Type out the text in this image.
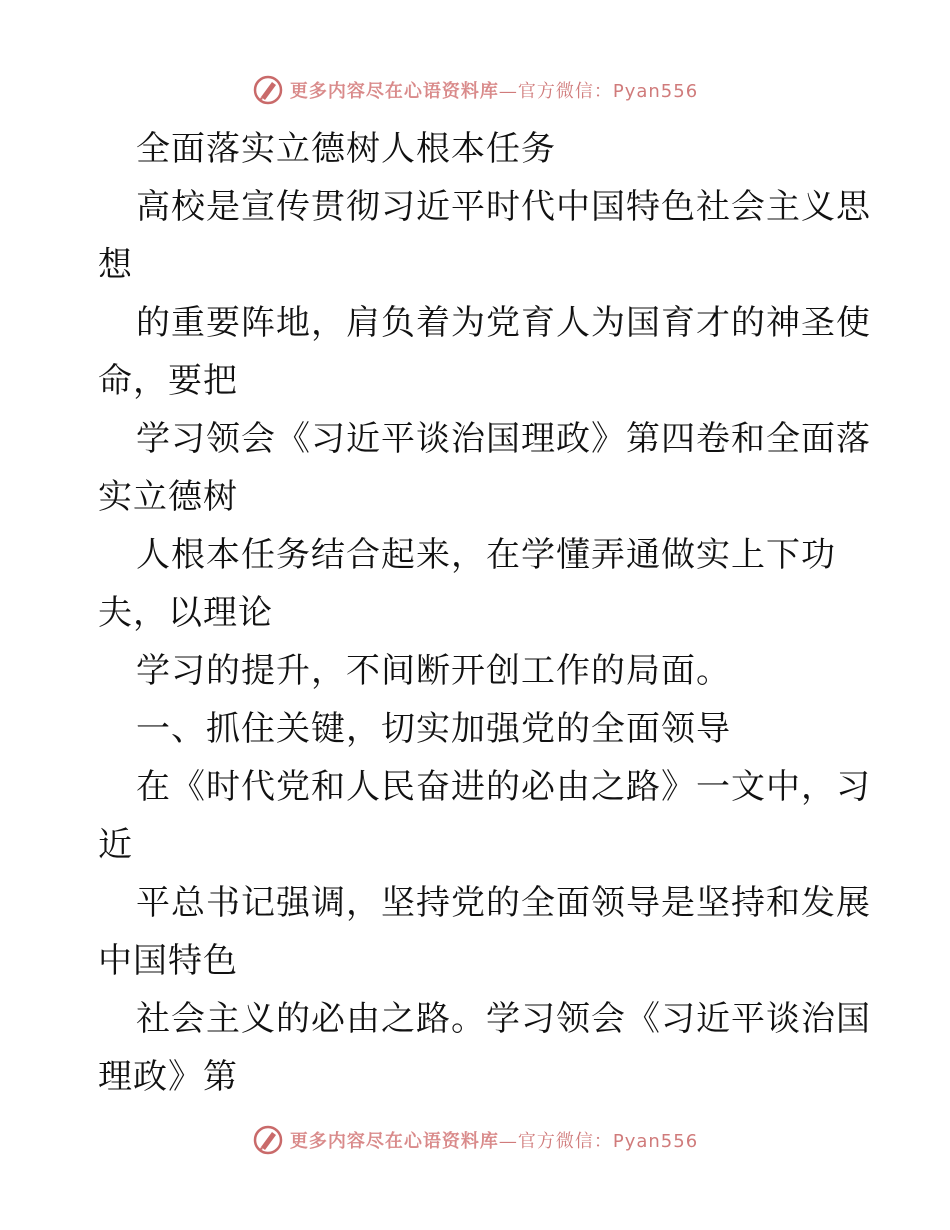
更多内容尽在心语资料库—官方微信：Pyan556
全面落实立德树人根本任务
高校是宣传贯彻习近平时代中国特色社会主义思
想
的重要阵地，肩负着为党育人为国育才的神圣使
命，要把
学习领会《习近平谈治国理政》第四卷和全面落
实立德树
人根本任务结合起来，在学懂弄通做实上下功
夫，以理论
学习的提升，不间断开创工作的局面。
一、抓住关键，切实加强党的全面领导
在《时代党和人民奋进的必由之路》一文中，习
近
平总书记强调，坚持党的全面领导是坚持和发展
中国特色
社会主义的必由之路。学习领会《习近平谈治国
理政》第
更多内容尽在心语资料库—官方微信：Pyan556
